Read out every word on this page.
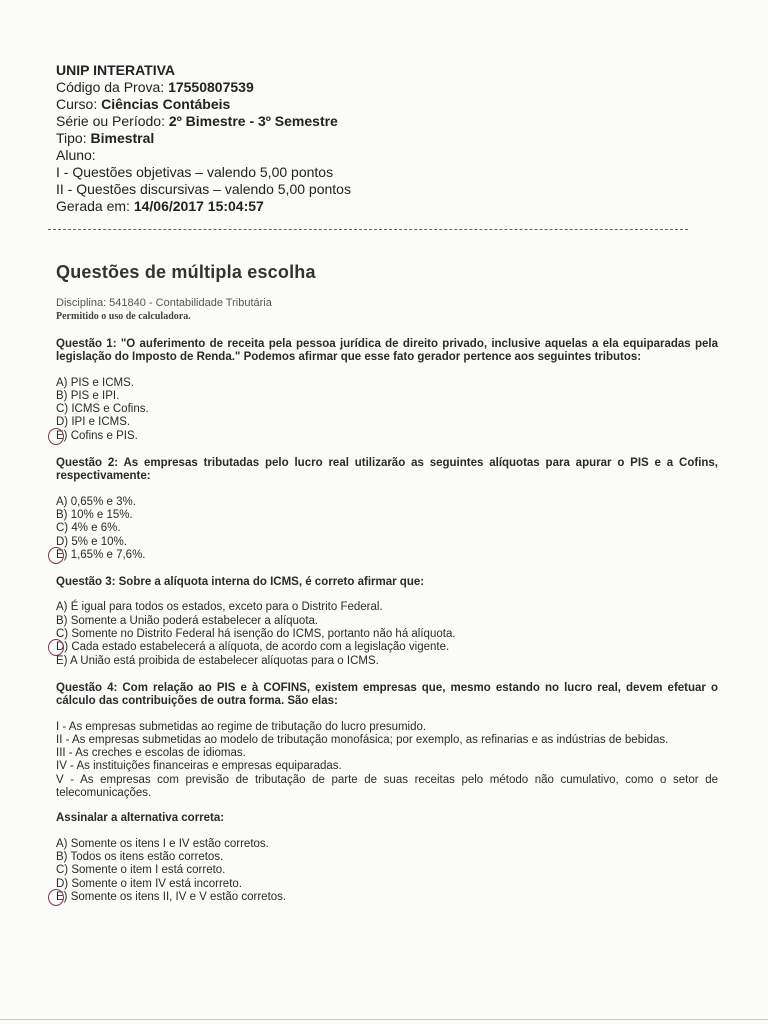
UNIP INTERATIVA
Código da Prova: 17550807539
Curso: Ciências Contábeis
Série ou Período: 2º Bimestre - 3º Semestre
Tipo: Bimestral
Aluno:
I - Questões objetivas – valendo 5,00 pontos
II - Questões discursivas – valendo 5,00 pontos
Gerada em: 14/06/2017 15:04:57
Questões de múltipla escolha
Disciplina: 541840 - Contabilidade Tributária
Permitido o uso de calculadora.

Questão 1: "O auferimento de receita pela pessoa jurídica de direito privado, inclusive aquelas a ela equiparadas pela legislação do Imposto de Renda." Podemos afirmar que esse fato gerador pertence aos seguintes tributos:

A) PIS e ICMS.
B) PIS e IPI.
C) ICMS e Cofins.
D) IPI e ICMS.
E) Cofins e PIS.

Questão 2: As empresas tributadas pelo lucro real utilizarão as seguintes alíquotas para apurar o PIS e a Cofins, respectivamente:

A) 0,65% e 3%.
B) 10% e 15%.
C) 4% e 6%.
D) 5% e 10%.
E) 1,65% e 7,6%.

Questão 3: Sobre a alíquota interna do ICMS, é correto afirmar que:

A) É igual para todos os estados, exceto para o Distrito Federal.
B) Somente a União poderá estabelecer a alíquota.
C) Somente no Distrito Federal há isenção do ICMS, portanto não há alíquota.
D) Cada estado estabelecerá a alíquota, de acordo com a legislação vigente.
E) A União está proibida de estabelecer alíquotas para o ICMS.

Questão 4: Com relação ao PIS e à COFINS, existem empresas que, mesmo estando no lucro real, devem efetuar o cálculo das contribuições de outra forma. São elas:

I - As empresas submetidas ao regime de tributação do lucro presumido.
II - As empresas submetidas ao modelo de tributação monofásica; por exemplo, as refinarias e as indústrias de bebidas.
III - As creches e escolas de idiomas.
IV - As instituições financeiras e empresas equiparadas.
V - As empresas com previsão de tributação de parte de suas receitas pelo método não cumulativo, como o setor de telecomunicações.
Assinalar a alternativa correta:
A) Somente os itens I e IV estão corretos.
B) Todos os itens estão corretos.
C) Somente o item I está correto.
D) Somente o item IV está incorreto.
E) Somente os itens II, IV e V estão corretos.
